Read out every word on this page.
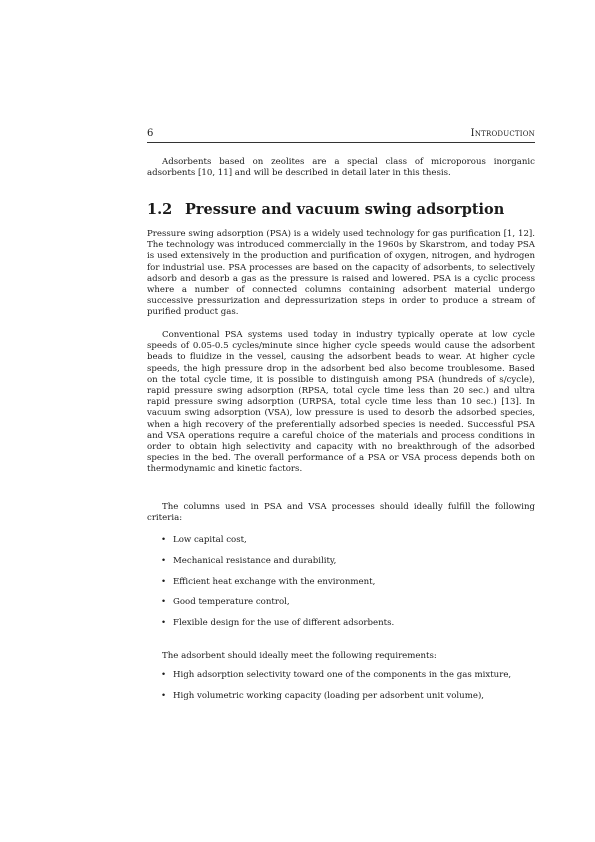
6	Introduction

Adsorbents based on zeolites are a special class of microporous inorganic adsorbents [10, 11] and will be described in detail later in this thesis.

1.2 Pressure and vacuum swing adsorption

Pressure swing adsorption (PSA) is a widely used technology for gas purification [1, 12]. The technology was introduced commercially in the 1960s by Skarstrom, and today PSA is used extensively in the production and purification of oxygen, nitrogen, and hydrogen for industrial use. PSA processes are based on the capacity of adsorbents, to selectively adsorb and desorb a gas as the pressure is raised and lowered. PSA is a cyclic process where a number of connected columns containing adsorbent material undergo successive pressurization and depressurization steps in order to produce a stream of purified product gas.

Conventional PSA systems used today in industry typically operate at low cycle speeds of 0.05-0.5 cycles/minute since higher cycle speeds would cause the adsorbent beads to fluidize in the vessel, causing the adsorbent beads to wear. At higher cycle speeds, the high pressure drop in the adsorbent bed also become troublesome. Based on the total cycle time, it is possible to distinguish among PSA (hundreds of s/cycle), rapid pressure swing adsorption (RPSA, total cycle time less than 20 sec.) and ultra rapid pressure swing adsorption (URPSA, total cycle time less than 10 sec.) [13]. In vacuum swing adsorption (VSA), low pressure is used to desorb the adsorbed species, when a high recovery of the preferentially adsorbed species is needed. Successful PSA and VSA operations require a careful choice of the materials and process conditions in order to obtain high selectivity and capacity with no breakthrough of the adsorbed species in the bed. The overall performance of a PSA or VSA process depends both on thermodynamic and kinetic factors.

The columns used in PSA and VSA processes should ideally fulfill the following criteria:

• Low capital cost,
• Mechanical resistance and durability,
• Efficient heat exchange with the environment,
• Good temperature control,
• Flexible design for the use of different adsorbents.

The adsorbent should ideally meet the following requirements:

• High adsorption selectivity toward one of the components in the gas mixture,
• High volumetric working capacity (loading per adsorbent unit volume),
